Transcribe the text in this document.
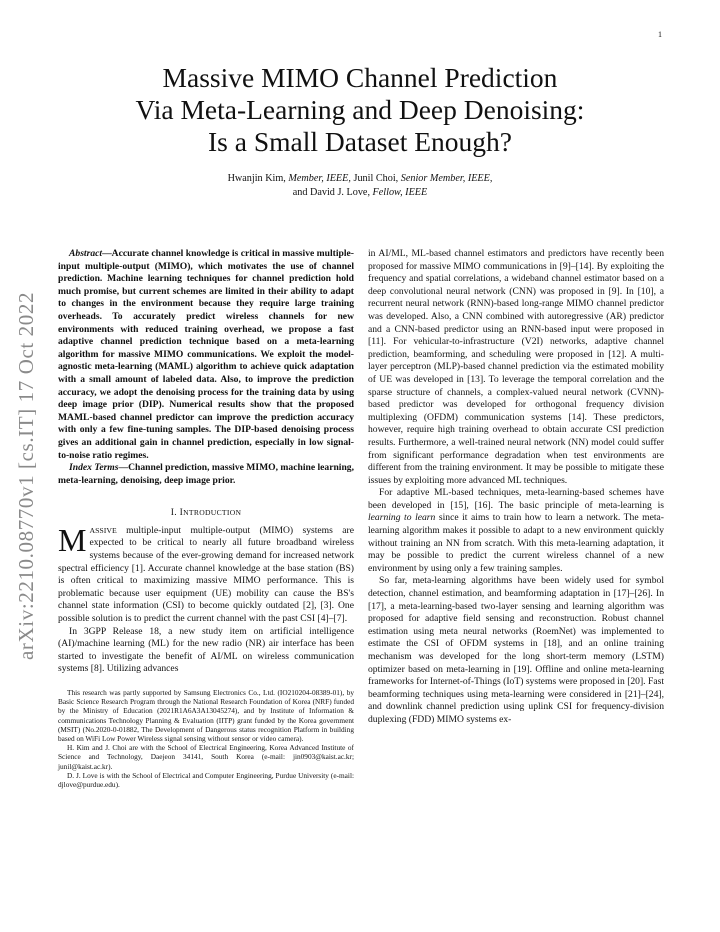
1
arXiv:2210.08770v1 [cs.IT] 17 Oct 2022
Massive MIMO Channel Prediction
Via Meta-Learning and Deep Denoising:
Is a Small Dataset Enough?
Hwanjin Kim, Member, IEEE, Junil Choi, Senior Member, IEEE,
and David J. Love, Fellow, IEEE

Abstract—Accurate channel knowledge is critical in massive multiple-input multiple-output (MIMO), which motivates the use of channel prediction. Machine learning techniques for channel prediction hold much promise, but current schemes are limited in their ability to adapt to changes in the environment because they require large training overheads. To accurately predict wireless channels for new environments with reduced training overhead, we propose a fast adaptive channel prediction technique based on a meta-learning algorithm for massive MIMO communications. We exploit the model-agnostic meta-learning (MAML) algorithm to achieve quick adaptation with a small amount of labeled data. Also, to improve the prediction accuracy, we adopt the denoising process for the training data by using deep image prior (DIP). Numerical results show that the proposed MAML-based channel predictor can improve the prediction accuracy with only a few fine-tuning samples. The DIP-based denoising process gives an additional gain in channel prediction, especially in low signal-to-noise ratio regimes.

Index Terms—Channel prediction, massive MIMO, machine learning, meta-learning, denoising, deep image prior.

I. INTRODUCTION

MASSIVE multiple-input multiple-output (MIMO) systems are expected to be critical to nearly all future broadband wireless systems because of the ever-growing demand for increased network spectral efficiency [1]. Accurate channel knowledge at the base station (BS) is often critical to maximizing massive MIMO performance. This is problematic because user equipment (UE) mobility can cause the BS's channel state information (CSI) to become quickly outdated [2], [3]. One possible solution is to predict the current channel with the past CSI [4]–[7].

In 3GPP Release 18, a new study item on artificial intelligence (AI)/machine learning (ML) for the new radio (NR) air interface has been started to investigate the benefit of AI/ML on wireless communication systems [8]. Utilizing advances

This research was partly supported by Samsung Electronics Co., Ltd. (IO210204-08389-01), by Basic Science Research Program through the National Research Foundation of Korea (NRF) funded by the Ministry of Education (2021R1A6A3A13045274), and by Institute of Information & communications Technology Planning & Evaluation (IITP) grant funded by the Korea government (MSIT) (No.2020-0-01882, The Development of Dangerous status recognition Platform in building based on WiFi Low Power Wireless signal sensing without sensor or video camera).

H. Kim and J. Choi are with the School of Electrical Engineering, Korea Advanced Institute of Science and Technology, Daejeon 34141, South Korea (e-mail: jin0903@kaist.ac.kr; junil@kaist.ac.kr).

D. J. Love is with the School of Electrical and Computer Engineering, Purdue University (e-mail: djlove@purdue.edu).

in AI/ML, ML-based channel estimators and predictors have recently been proposed for massive MIMO communications in [9]–[14]. By exploiting the frequency and spatial correlations, a wideband channel estimator based on a deep convolutional neural network (CNN) was proposed in [9]. In [10], a recurrent neural network (RNN)-based long-range MIMO channel predictor was developed. Also, a CNN combined with autoregressive (AR) predictor and a CNN-based predictor using an RNN-based input were proposed in [11]. For vehicular-to-infrastructure (V2I) networks, adaptive channel prediction, beamforming, and scheduling were proposed in [12]. A multi-layer perceptron (MLP)-based channel prediction via the estimated mobility of UE was developed in [13]. To leverage the temporal correlation and the sparse structure of channels, a complex-valued neural network (CVNN)-based predictor was developed for orthogonal frequency division multiplexing (OFDM) communication systems [14]. These predictors, however, require high training overhead to obtain accurate CSI prediction results. Furthermore, a well-trained neural network (NN) model could suffer from significant performance degradation when test environments are different from the training environment. It may be possible to mitigate these issues by exploiting more advanced ML techniques.

For adaptive ML-based techniques, meta-learning-based schemes have been developed in [15], [16]. The basic principle of meta-learning is learning to learn since it aims to train how to learn a network. The meta-learning algorithm makes it possible to adapt to a new environment quickly without training an NN from scratch. With this meta-learning adaptation, it may be possible to predict the current wireless channel of a new environment by using only a few training samples.

So far, meta-learning algorithms have been widely used for symbol detection, channel estimation, and beamforming adaptation in [17]–[26]. In [17], a meta-learning-based two-layer sensing and learning algorithm was proposed for adaptive field sensing and reconstruction. Robust channel estimation using meta neural networks (RoemNet) was implemented to estimate the CSI of OFDM systems in [18], and an online training mechanism was developed for the long short-term memory (LSTM) optimizer based on meta-learning in [19]. Offline and online meta-learning frameworks for Internet-of-Things (IoT) systems were proposed in [20]. Fast beamforming techniques using meta-learning were considered in [21]–[24], and downlink channel prediction using uplink CSI for frequency-division duplexing (FDD) MIMO systems ex-
